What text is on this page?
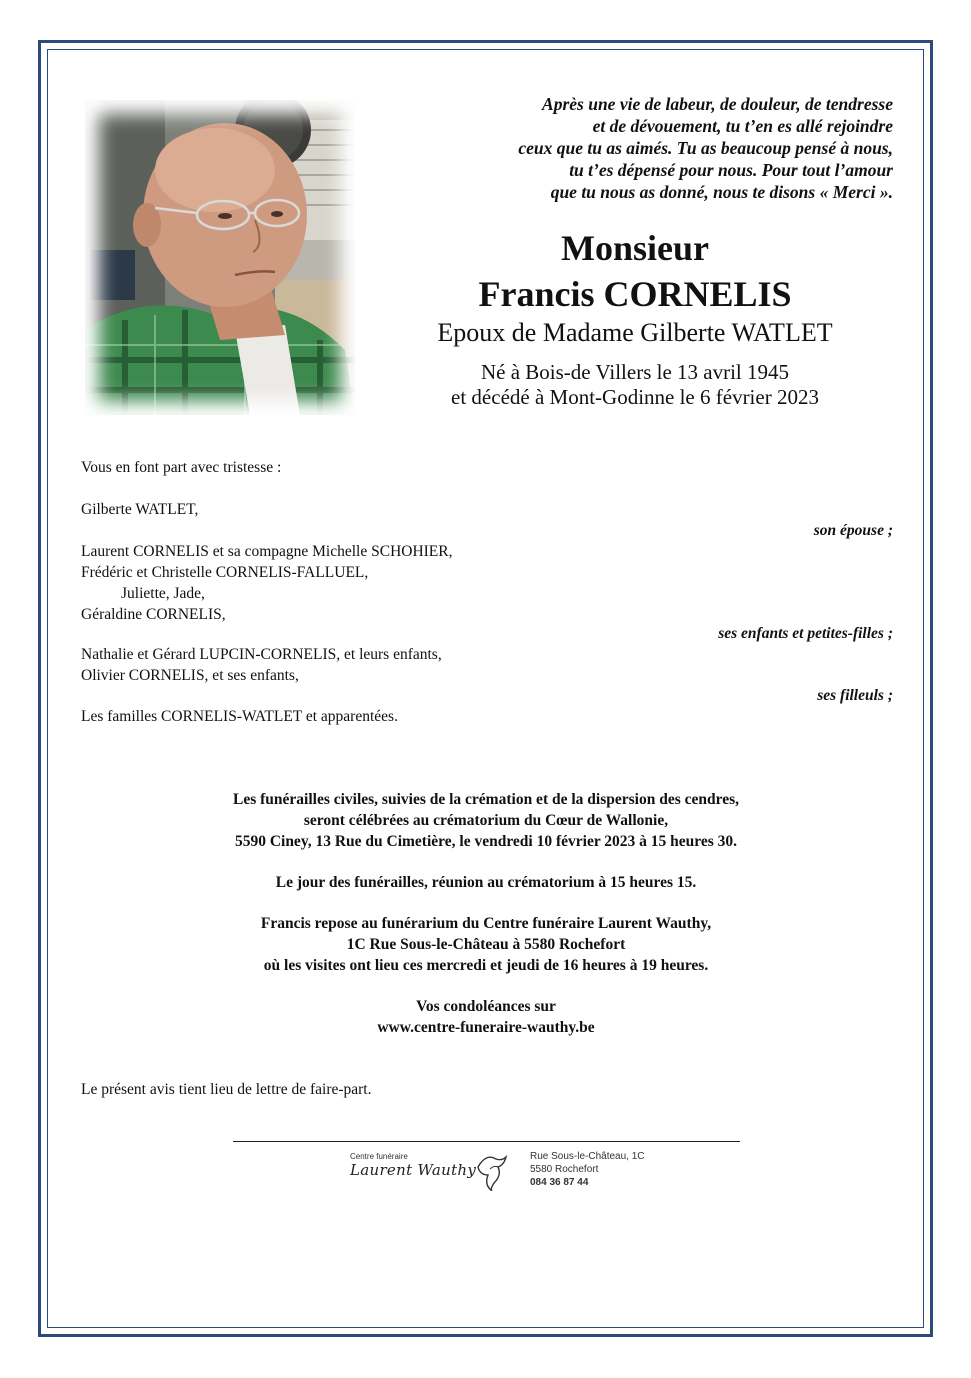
Après une vie de labeur, de douleur, de tendresse
et de dévouement, tu t’en es allé rejoindre
ceux que tu as aimés. Tu as beaucoup pensé à nous,
tu t’es dépensé pour nous. Pour tout l’amour
que tu nous as donné, nous te disons « Merci ».
Monsieur
Francis CORNELIS
Epoux de Madame Gilberte WATLET
Né à Bois-de Villers le 13 avril 1945
et décédé à Mont-Godinne le 6 février 2023
Vous en font part avec tristesse :
Gilberte WATLET,
son épouse ;
Laurent CORNELIS et sa compagne Michelle SCHOHIER,
Frédéric et Christelle CORNELIS-FALLUEL,
Juliette, Jade,
Géraldine CORNELIS,
ses enfants et petites-filles ;
Nathalie et Gérard LUPCIN-CORNELIS, et leurs enfants,
Olivier CORNELIS, et ses enfants,
ses filleuls ;
Les familles CORNELIS-WATLET et apparentées.
Les funérailles civiles, suivies de la crémation et de la dispersion des cendres,
seront célébrées au crématorium du Cœur de Wallonie,
5590 Ciney, 13 Rue du Cimetière, le vendredi 10 février 2023 à 15 heures 30.
Le jour des funérailles, réunion au crématorium à 15 heures 15.
Francis repose au funérarium du Centre funéraire Laurent Wauthy,
1C Rue Sous-le-Château à 5580 Rochefort
où les visites ont lieu ces mercredi et jeudi de 16 heures à 19 heures.
Vos condoléances sur
www.centre-funeraire-wauthy.be
Le présent avis tient lieu de lettre de faire-part.
Centre funéraire
Laurent Wauthy
Rue Sous-le-Château, 1C
5580 Rochefort
084 36 87 44
